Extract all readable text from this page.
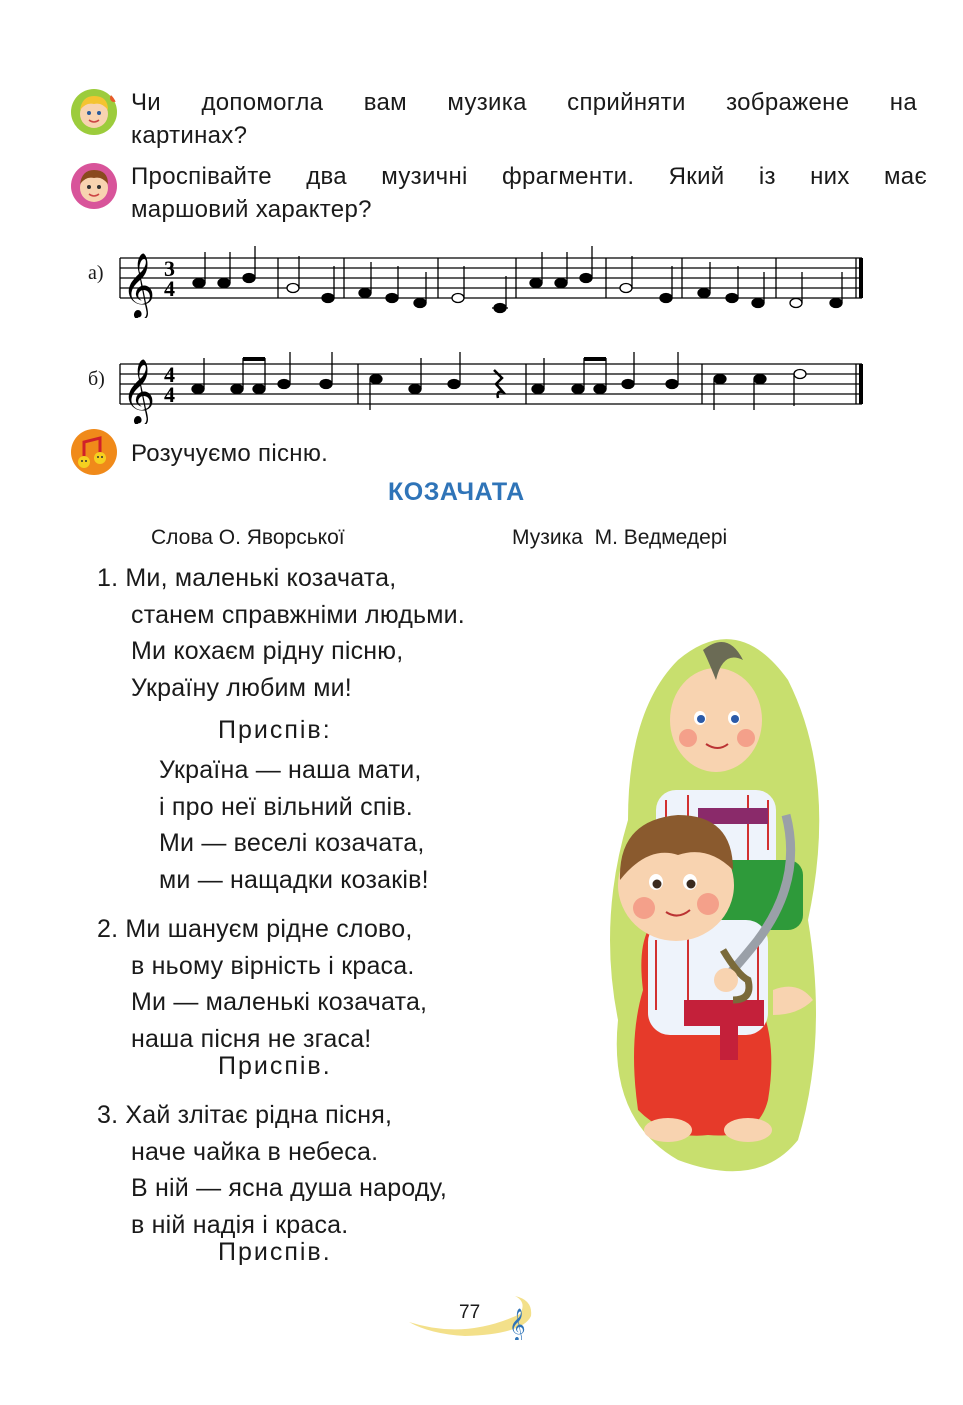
Чи допомогла вам музика сприйняти зображене на
картинах?
Проспівайте два музичні фрагменти. Який із них має
маршовий характер?
а) 𝄞 3
4
б) 𝄞 4
4
Розучуємо пісню.
КОЗАЧАТА
Слова О. Яворської	Музика  М. Ведмедері
1. Ми, маленькі козачата,
станем справжніми людьми.
Ми кохаєм рідну пісню,
Україну любим ми!
Приспів:
Україна — наша мати,
і про неї вільний спів.
Ми — веселі козачата,
ми — нащадки козаків!
2. Ми шануєм рідне слово,
в ньому вірність і краса.
Ми — маленькі козачата,
наша пісня не згаса!
Приспів.
3. Хай злітає рідна пісня,
наче чайка в небеса.
В ній — ясна душа народу,
в ній надія і краса.
Приспів.
𝄞
77
